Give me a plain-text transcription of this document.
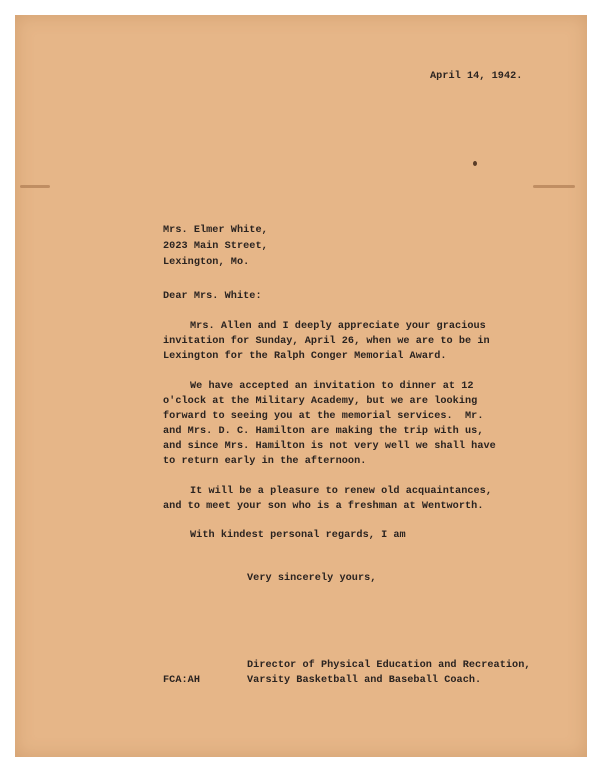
April 14, 1942.
Mrs. Elmer White,
2023 Main Street,
Lexington, Mo.
Dear Mrs. White:
Mrs. Allen and I deeply appreciate your gracious
invitation for Sunday, April 26, when we are to be in
Lexington for the Ralph Conger Memorial Award.
We have accepted an invitation to dinner at 12
o'clock at the Military Academy, but we are looking
forward to seeing you at the memorial services.  Mr.
and Mrs. D. C. Hamilton are making the trip with us,
and since Mrs. Hamilton is not very well we shall have
to return early in the afternoon.
It will be a pleasure to renew old acquaintances,
and to meet your son who is a freshman at Wentworth.
With kindest personal regards, I am
Very sincerely yours,
Director of Physical Education and Recreation,
FCA:AH	Varsity Basketball and Baseball Coach.
